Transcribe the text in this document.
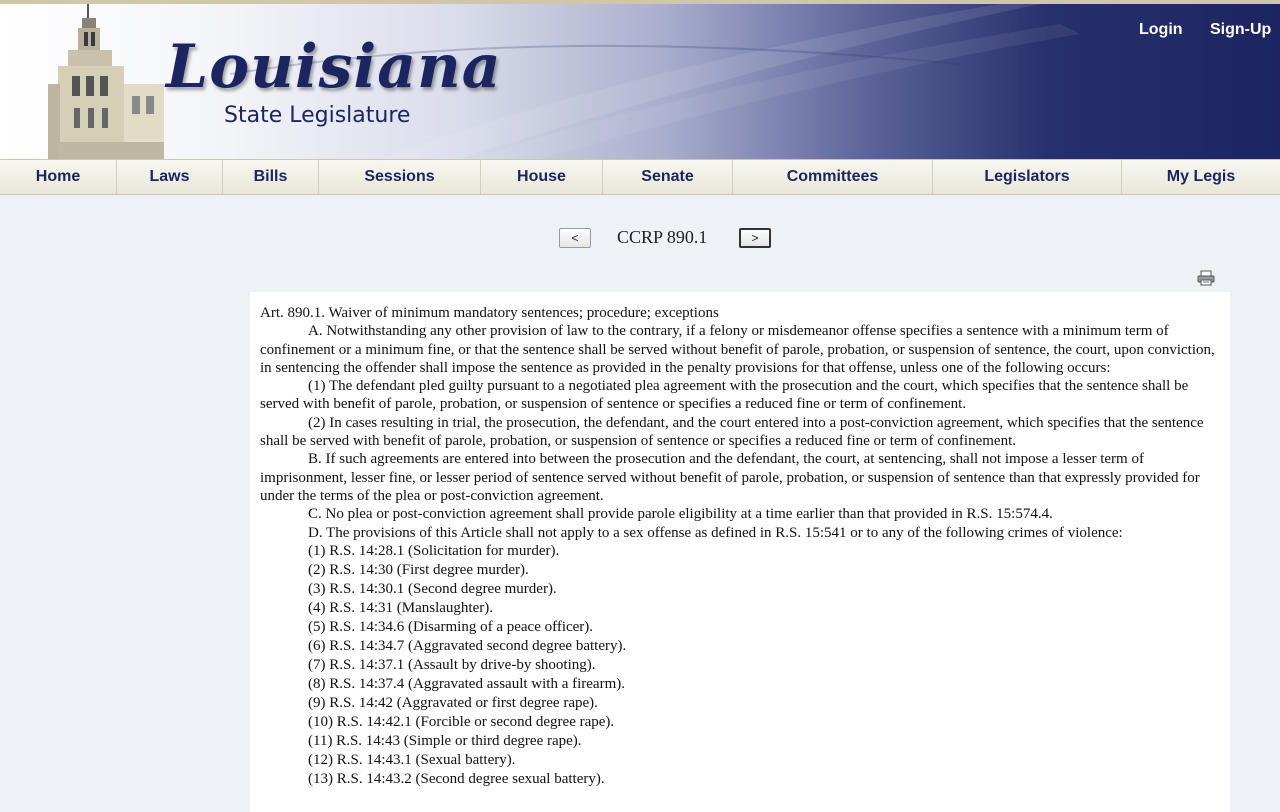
Louisiana
State Legislature
Login Sign-Up
Home	Laws	Bills	Sessions	House	Senate	Committees	Legislators	My Legis
<	CCRP 890.1	>

Art. 890.1. Waiver of minimum mandatory sentences; procedure; exceptions

A. Notwithstanding any other provision of law to the contrary, if a felony or misdemeanor offense specifies a sentence with a minimum term of confinement or a minimum fine, or that the sentence shall be served without benefit of parole, probation, or suspension of sentence, the court, upon conviction, in sentencing the offender shall impose the sentence as provided in the penalty provisions for that offense, unless one of the following occurs:

(1) The defendant pled guilty pursuant to a negotiated plea agreement with the prosecution and the court, which specifies that the sentence shall be served with benefit of parole, probation, or suspension of sentence or specifies a reduced fine or term of confinement.

(2) In cases resulting in trial, the prosecution, the defendant, and the court entered into a post-conviction agreement, which specifies that the sentence shall be served with benefit of parole, probation, or suspension of sentence or specifies a reduced fine or term of confinement.

B. If such agreements are entered into between the prosecution and the defendant, the court, at sentencing, shall not impose a lesser term of imprisonment, lesser fine, or lesser period of sentence served without benefit of parole, probation, or suspension of sentence than that expressly provided for under the terms of the plea or post-conviction agreement.

C. No plea or post-conviction agreement shall provide parole eligibility at a time earlier than that provided in R.S. 15:574.4.

D. The provisions of this Article shall not apply to a sex offense as defined in R.S. 15:541 or to any of the following crimes of violence:

(1) R.S. 14:28.1 (Solicitation for murder).

(2) R.S. 14:30 (First degree murder).

(3) R.S. 14:30.1 (Second degree murder).

(4) R.S. 14:31 (Manslaughter).

(5) R.S. 14:34.6 (Disarming of a peace officer).

(6) R.S. 14:34.7 (Aggravated second degree battery).

(7) R.S. 14:37.1 (Assault by drive-by shooting).

(8) R.S. 14:37.4 (Aggravated assault with a firearm).

(9) R.S. 14:42 (Aggravated or first degree rape).

(10) R.S. 14:42.1 (Forcible or second degree rape).

(11) R.S. 14:43 (Simple or third degree rape).

(12) R.S. 14:43.1 (Sexual battery).

(13) R.S. 14:43.2 (Second degree sexual battery).
